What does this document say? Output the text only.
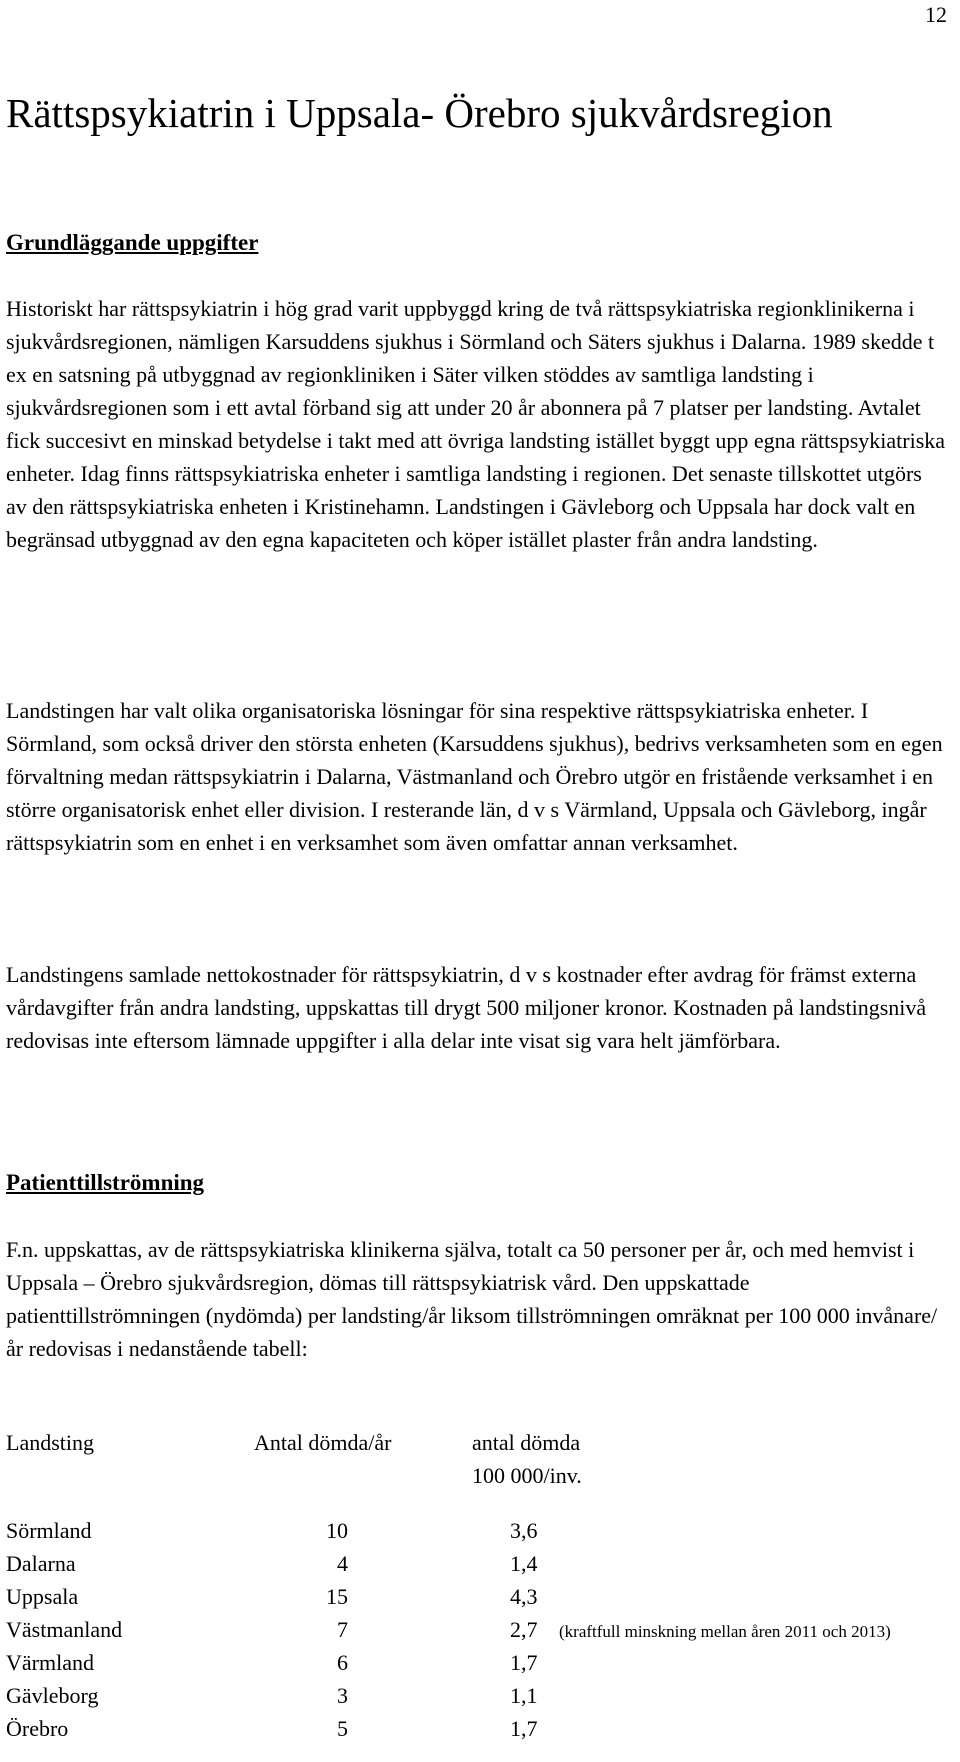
12
Rättspsykiatrin i Uppsala- Örebro sjukvårdsregion
Grundläggande uppgifter

Historiskt har rättspsykiatrin i hög grad varit uppbyggd kring de två rättspsykiatriska regionklinikerna i sjukvårdsregionen, nämligen Karsuddens sjukhus i Sörmland och Säters sjukhus i Dalarna. 1989 skedde t ex en satsning på utbyggnad av regionkliniken i Säter vilken stöddes av samtliga landsting i sjukvårdsregionen som i ett avtal förband sig att under 20 år abonnera på 7 platser per landsting. Avtalet fick succesivt en minskad betydelse i takt med att övriga landsting istället byggt upp egna rättspsykiatriska enheter. Idag finns rättspsykiatriska enheter i samtliga landsting i regionen. Det senaste tillskottet utgörs av den rättspsykiatriska enheten i Kristinehamn. Landstingen i Gävleborg och Uppsala har dock valt en begränsad utbyggnad av den egna kapaciteten och köper istället plaster från andra landsting.

Landstingen har valt olika organisatoriska lösningar för sina respektive rättspsykiatriska enheter. I Sörmland, som också driver den största enheten (Karsuddens sjukhus), bedrivs verksamheten som en egen förvaltning medan rättspsykiatrin i Dalarna, Västmanland och Örebro utgör en fristående verksamhet i en större organisatorisk enhet eller division. I resterande län, d v s Värmland, Uppsala och Gävleborg, ingår rättspsykiatrin som en enhet i en verksamhet som även omfattar annan verksamhet.

Landstingens samlade nettokostnader för rättspsykiatrin, d v s kostnader efter avdrag för främst externa vårdavgifter från andra landsting, uppskattas till drygt 500 miljoner kronor. Kostnaden på landstingsnivå redovisas inte eftersom lämnade uppgifter i alla delar inte visat sig vara helt jämförbara.

Patienttillströmning

F.n. uppskattas, av de rättspsykiatriska klinikerna själva, totalt ca 50 personer per år, och med hemvist i Uppsala – Örebro sjukvårdsregion, dömas till rättspsykiatrisk vård. Den uppskattade patienttillströmningen (nydömda) per landsting/år liksom tillströmningen omräknat per 100 000 invånare/år redovisas i nedanstående tabell:

Landsting	Antal dömda/år	antal dömda
100 000/inv.
Sörmland	10	3,6
Dalarna	4	1,4
Uppsala	15	4,3
Västmanland	7	2,7 (kraftfull minskning mellan åren 2011 och 2013)
Värmland	6	1,7
Gävleborg	3	1,1
Örebro	5	1,7
